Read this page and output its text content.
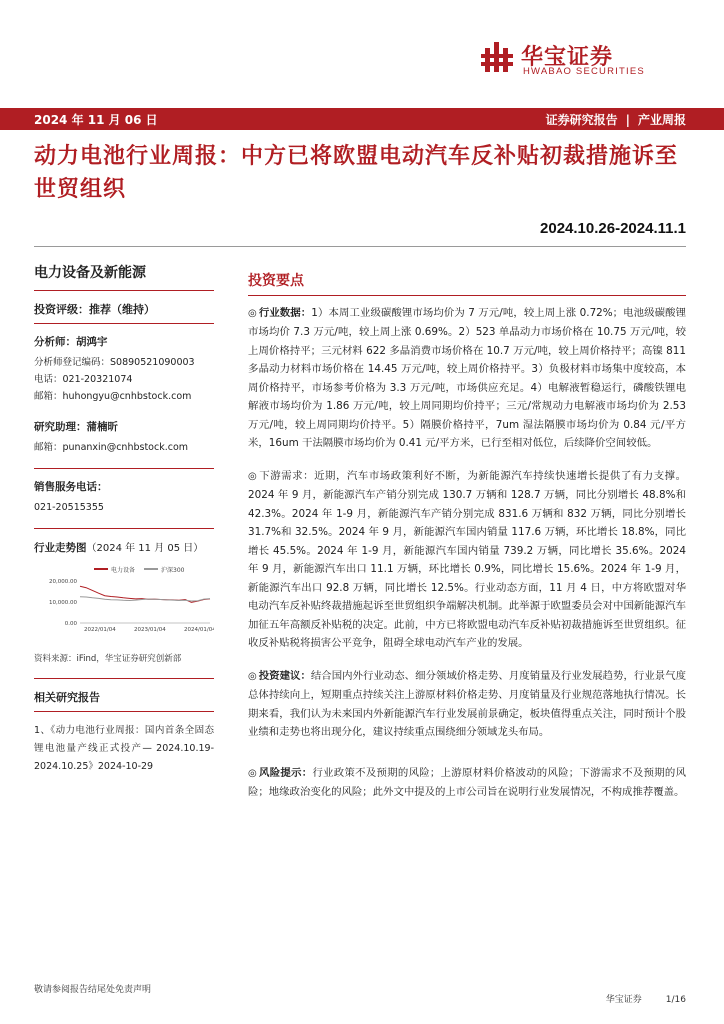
华宝证券
HWABAO SECURITIES
2024 年 11 月 06 日	证券研究报告 | 产业周报
动力电池行业周报：中方已将欧盟电动汽车反补贴初裁措施诉至世贸组织
2024.10.26-2024.11.1
电力设备及新能源
投资评级：推荐（维持）
分析师：胡鸿宇
分析师登记编码：S0890521090003
电话：021-20321074
邮箱：huhongyu@cnhbstock.com
研究助理：蒲楠昕
邮箱：punanxin@cnhbstock.com
销售服务电话：
021-20515355
行业走势图（2024 年 11 月 05 日）
电力设备	沪深300
20,000.00
10,000.00
0.00
2022/01/04	2023/01/04	2024/01/04
资料来源：iFind，华宝证券研究创新部
相关研究报告
1、《动力电池行业周报：国内首条全固态锂电池量产线正式投产— 2024.10.19-2024.10.25》2024-10-29
投资要点

◎ 行业数据：1）本周工业级碳酸锂市场均价为 7 万元/吨，较上周上涨 0.72%；电池级碳酸锂市场均价 7.3 万元/吨，较上周上涨 0.69%。2）523 单晶动力市场价格在 10.75 万元/吨，较上周价格持平；三元材料 622 多晶消费市场价格在 10.7 万元/吨，较上周价格持平；高镍 811 多晶动力材料市场价格在 14.45 万元/吨，较上周价格持平。3）负极材料市场集中度较高，本周价格持平，市场参考价格为 3.3 万元/吨，市场供应充足。4）电解液暂稳运行，磷酸铁锂电解液市场均价为 1.86 万元/吨，较上周同期均价持平；三元/常规动力电解液市场均价为 2.53 万元/吨，较上周同期均价持平。5）隔膜价格持平，7um 湿法隔膜市场均价为 0.84 元/平方米，16um 干法隔膜市场均价为 0.41 元/平方米，已行至相对低位，后续降价空间较低。

◎ 下游需求：近期，汽车市场政策利好不断，为新能源汽车持续快速增长提供了有力支撑。2024 年 9 月，新能源汽车产销分别完成 130.7 万辆和 128.7 万辆，同比分别增长 48.8%和 42.3%。2024 年 1-9 月，新能源汽车产销分别完成 831.6 万辆和 832 万辆，同比分别增长 31.7%和 32.5%。2024 年 9 月，新能源汽车国内销量 117.6 万辆，环比增长 18.8%，同比增长 45.5%。2024 年 1-9 月，新能源汽车国内销量 739.2 万辆，同比增长 35.6%。2024 年 9 月，新能源汽车出口 11.1 万辆，环比增长 0.9%，同比增长 15.6%。2024 年 1-9 月，新能源汽车出口 92.8 万辆，同比增长 12.5%。行业动态方面，11 月 4 日，中方将欧盟对华电动汽车反补贴终裁措施起诉至世贸组织争端解决机制。此举源于欧盟委员会对中国新能源汽车加征五年高额反补贴税的决定。此前，中方已将欧盟电动汽车反补贴初裁措施诉至世贸组织。征收反补贴税将损害公平竞争，阻碍全球电动汽车产业的发展。

◎ 投资建议：结合国内外行业动态、细分领域价格走势、月度销量及行业发展趋势，行业景气度总体持续向上，短期重点持续关注上游原材料价格走势、月度销量及行业规范落地执行情况。长期来看，我们认为未来国内外新能源汽车行业发展前景确定，板块值得重点关注，同时预计个股业绩和走势也将出现分化，建议持续重点围绕细分领域龙头布局。

◎ 风险提示：行业政策不及预期的风险；上游原材料价格波动的风险；下游需求不及预期的风险；地缘政治变化的风险；此外文中提及的上市公司旨在说明行业发展情况，不构成推荐覆盖。

敬请参阅报告结尾处免责声明
华宝证券	1/16
